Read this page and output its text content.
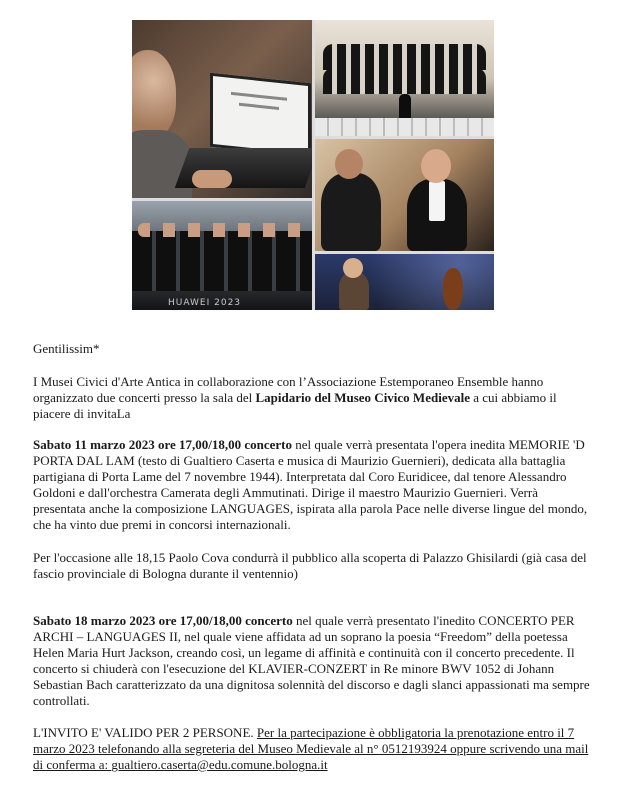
HUAWEI 2023

Gentilissim*

I Musei Civici d'Arte Antica in collaborazione con l’Associazione Estemporaneo Ensemble hanno organizzato due concerti presso la sala del Lapidario del Museo Civico Medievale a cui abbiamo il piacere di invitaLa

Sabato 11 marzo 2023 ore 17,00/18,00 concerto nel quale verrà presentata l'opera inedita MEMORIE 'D PORTA DAL LAM (testo di Gualtiero Caserta e musica di Maurizio Guernieri), dedicata alla battaglia partigiana di Porta Lame del 7 novembre 1944). Interpretata dal Coro Euridicee, dal tenore Alessandro Goldoni e dall'orchestra Camerata degli Ammutinati. Dirige il maestro Maurizio Guernieri. Verrà presentata anche la composizione LANGUAGES, ispirata alla parola Pace nelle diverse lingue del mondo, che ha vinto due premi in concorsi internazionali.

Per l'occasione alle 18,15 Paolo Cova condurrà il pubblico alla scoperta di Palazzo Ghisilardi (già casa del fascio provinciale di Bologna durante il ventennio)

Sabato 18 marzo 2023 ore 17,00/18,00 concerto nel quale verrà presentato l'inedito CONCERTO PER ARCHI – LANGUAGES II, nel quale viene affidata ad un soprano la poesia “Freedom” della poetessa Helen Maria Hurt Jackson, creando così, un legame di affinità e continuità con il concerto precedente. Il concerto si chiuderà con l'esecuzione del KLAVIER-CONZERT in Re minore BWV 1052 di Johann Sebastian Bach caratterizzato da una dignitosa solennità del discorso e dagli slanci appassionati ma sempre controllati.

L'INVITO E' VALIDO PER 2 PERSONE. Per la partecipazione è obbligatoria la prenotazione entro il 7 marzo 2023 telefonando alla segreteria del Museo Medievale al n° 0512193924 oppure scrivendo una mail di conferma a: gualtiero.caserta@edu.comune.bologna.it
